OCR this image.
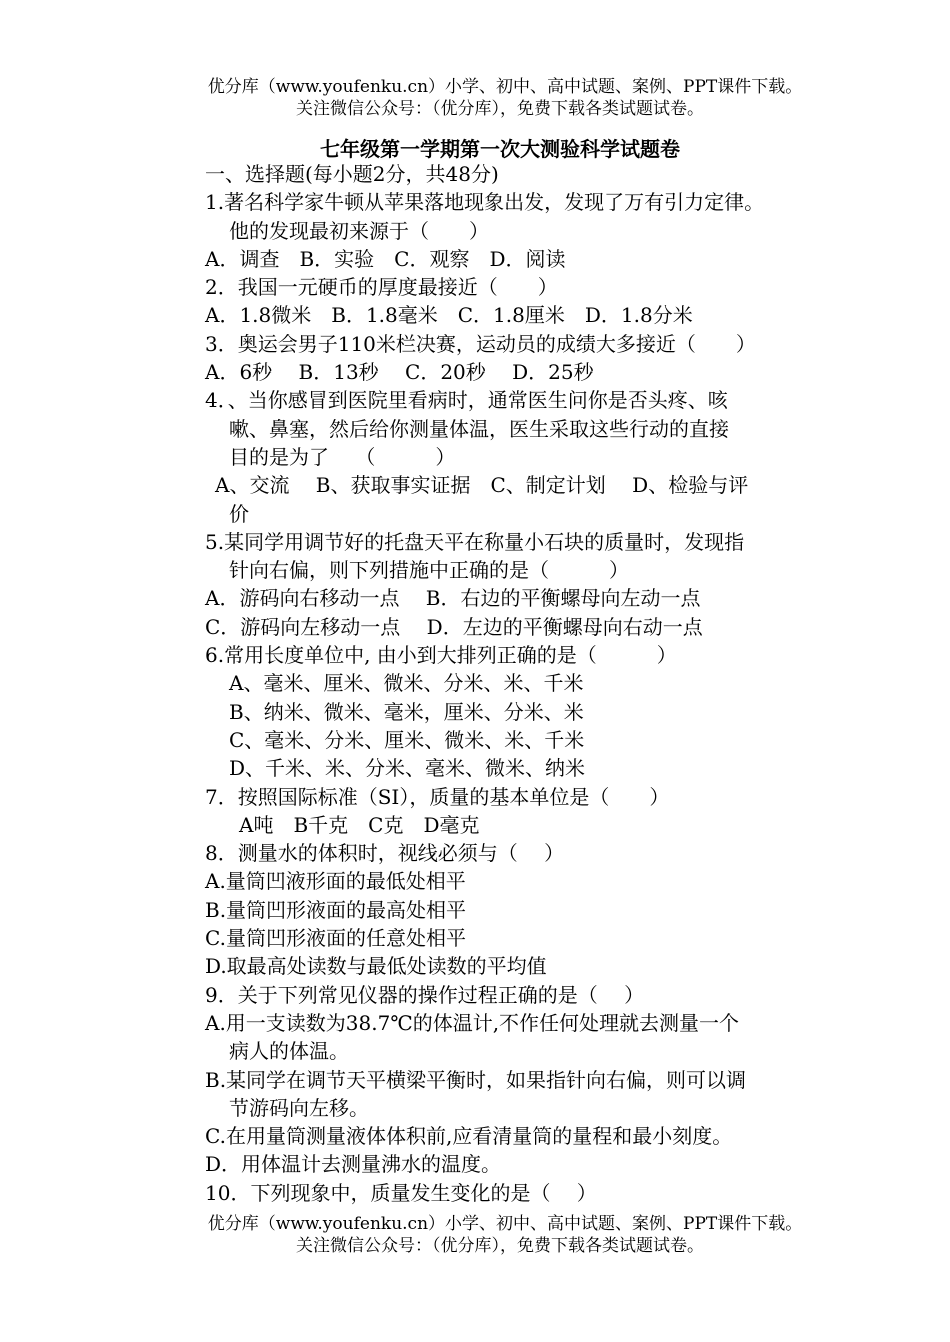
优分库（www.youfenku.cn）小学、初中、高中试题、案例、PPT课件下载。
关注微信公众号：（优分库），免费下载各类试题试卷。
七年级第一学期第一次大测验科学试题卷
一、选择题(每小题2分，共48分)
1.著名科学家牛顿从苹果落地现象出发，发现了万有引力定律。
他的发现最初来源于（　　）
A．调查　B．实验　C．观察　D．阅读
2．我国一元硬币的厚度最接近（　　）
A．1.8微米　B．1.8毫米　C．1.8厘米　D．1.8分米
3．奥运会男子110米栏决赛，运动员的成绩大多接近（　　）
A．6秒　 B．13秒　 C．20秒　 D．25秒
4．、当你感冒到医院里看病时，通常医生问你是否头疼、咳
嗽、鼻塞，然后给你测量体温，医生采取这些行动的直接
目的是为了　 （　　　）
A、交流　 B、获取事实证据　C、制定计划　 D、检验与评
价
5.某同学用调节好的托盘天平在称量小石块的质量时，发现指
针向右偏，则下列措施中正确的是（　　　）
A．游码向右移动一点　 B．右边的平衡螺母向左动一点
C．游码向左移动一点　 D．左边的平衡螺母向右动一点
6.常用长度单位中, 由小到大排列正确的是（　　　）
A、毫米、厘米、微米、分米、米、千米
B、纳米、微米、毫米，厘米、分米、米
C、毫米、分米、厘米、微米、米、千米
D、千米、米、分米、毫米、微米、纳米
7．按照国际标准（SI），质量的基本单位是（　　）
A吨　B千克　C克　D毫克
8．测量水的体积时，视线必须与（　 ）
A.量筒凹液形面的最低处相平
B.量筒凹形液面的最高处相平
C.量筒凹形液面的任意处相平
D.取最高处读数与最低处读数的平均值
9．关于下列常见仪器的操作过程正确的是（　 ）
A.用一支读数为38.7℃的体温计,不作任何处理就去测量一个
病人的体温。
B.某同学在调节天平横梁平衡时，如果指针向右偏，则可以调
节游码向左移。
C.在用量筒测量液体体积前,应看清量筒的量程和最小刻度。
D．用体温计去测量沸水的温度。
10．下列现象中，质量发生变化的是（　 ）
优分库（www.youfenku.cn）小学、初中、高中试题、案例、PPT课件下载。
关注微信公众号：（优分库），免费下载各类试题试卷。
